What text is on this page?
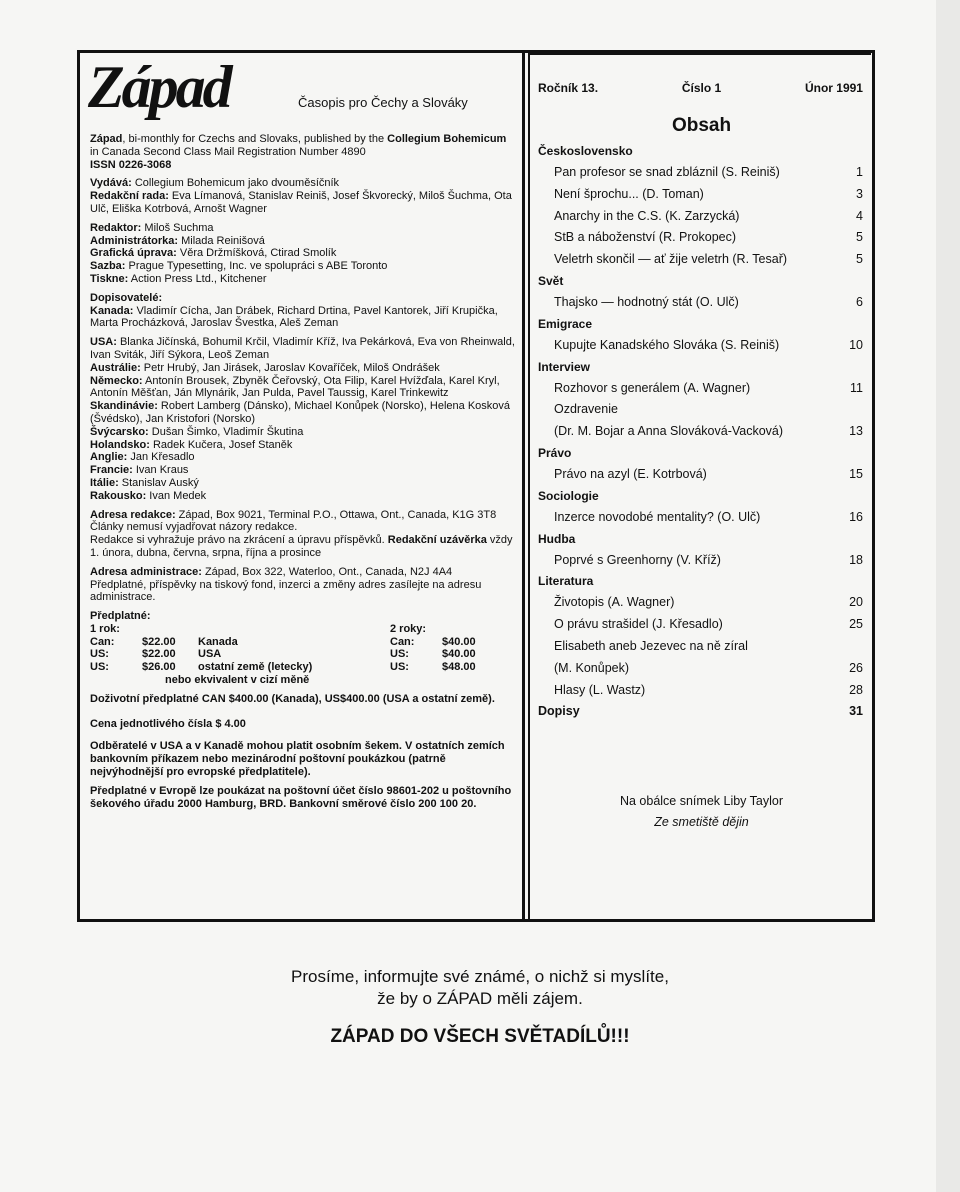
Západ	Časopis pro Čechy a Slováky

Západ, bi-monthly for Czechs and Slovaks, published by the Collegium Bohemicum in Canada Second Class Mail Registration Number 4890
ISSN 0226-3068

Vydává: Collegium Bohemicum jako dvouměsíčník
Redakční rada: Eva Límanová, Stanislav Reiniš, Josef Škvorecký, Miloš Šuchma, Ota Ulč, Eliška Kotrbová, Arnošt Wagner

Redaktor: Miloš Suchma
Administrátorka: Milada Reinišová
Grafická úprava: Věra Držmíšková, Ctirad Smolík
Sazba: Prague Typesetting, Inc. ve spolupráci s ABE Toronto
Tiskne: Action Press Ltd., Kitchener

Dopisovatelé:
Kanada: Vladimír Cícha, Jan Drábek, Richard Drtina, Pavel Kantorek, Jiří Krupička, Marta Procházková, Jaroslav Švestka, Aleš Zeman

USA: Blanka Jičínská, Bohumil Krčil, Vladimír Kříž, Iva Pekárková, Eva von Rheinwald, Ivan Sviták, Jiří Sýkora, Leoš Zeman
Austrálie: Petr Hrubý, Jan Jirásek, Jaroslav Kovaříček, Miloš Ondrášek
Německo: Antonín Brousek, Zbyněk Čeřovský, Ota Filip, Karel Hvížďala, Karel Kryl, Antonín Měšťan, Ján Mlynárik, Jan Pulda, Pavel Taussig, Karel Trinkewitz
Skandinávie: Robert Lamberg (Dánsko), Michael Konůpek (Norsko), Helena Kosková (Švédsko), Jan Kristofori (Norsko)
Švýcarsko: Dušan Šimko, Vladimír Škutina
Holandsko: Radek Kučera, Josef Staněk
Anglie: Jan Křesadlo
Francie: Ivan Kraus
Itálie: Stanislav Auský
Rakousko: Ivan Medek

Adresa redakce: Západ, Box 9021, Terminal P.O., Ottawa, Ont., Canada, K1G 3T8
Články nemusí vyjadřovat názory redakce.
Redakce si vyhražuje právo na zkrácení a úpravu příspěvků. Redakční uzávěrka vždy 1. února, dubna, června, srpna, října a prosince

Adresa administrace: Západ, Box 322, Waterloo, Ont., Canada, N2J 4A4
Předplatné, příspěvky na tiskový fond, inzerci a změny adres zasílejte na adresu administrace.

Předplatné:
1 rok:
Can:	$22.00	Kanada
US:	$22.00	USA
US:	$26.00	ostatní země (letecky)
nebo ekvivalent v cizí měně
2 roky:
Can:	$40.00
US:	$40.00
US:	$48.00

Doživotní předplatné CAN $400.00 (Kanada), US$400.00 (USA a ostatní země).

Cena jednotlivého čísla $ 4.00

Odběratelé v USA a v Kanadě mohou platit osobním šekem. V ostatních zemích bankovním příkazem nebo mezinárodní poštovní poukázkou (patrně nejvýhodnější pro evropské předplatitele).

Předplatné v Evropě lze poukázat na poštovní účet číslo 98601-202 u poštovního šekového úřadu 2000 Hamburg, BRD. Bankovní směrové číslo 200 100 20.

Ročník 13.	Číslo 1	Únor 1991
Obsah
Československo
Pan profesor se snad zbláznil (S. Reiniš)	1
Není šprochu... (D. Toman)	3
Anarchy in the C.S. (K. Zarzycká)	4
StB a náboženství (R. Prokopec)	5
Veletrh skončil — ať žije veletrh (R. Tesař)	5
Svět
Thajsko — hodnotný stát (O. Ulč)	6
Emigrace
Kupujte Kanadského Slováka (S. Reiniš)	10
Interview
Rozhovor s generálem (A. Wagner)	11
Ozdravenie
(Dr. M. Bojar a Anna Slováková-Vacková)	13
Právo
Právo na azyl (E. Kotrbová)	15
Sociologie
Inzerce novodobé mentality? (O. Ulč)	16
Hudba
Poprvé s Greenhorny (V. Kříž)	18
Literatura
Životopis (A. Wagner)	20
O právu strašidel (J. Křesadlo)	25
Elisabeth aneb Jezevec na ně zíral
(M. Konůpek)	26
Hlasy (L. Wastz)	28
Dopisy	31
Na obálce snímek Liby Taylor
Ze smetiště dějin
Prosíme, informujte své známé, o nichž si myslíte,
že by o ZÁPAD měli zájem.
ZÁPAD DO VŠECH SVĚTADÍLŮ!!!
